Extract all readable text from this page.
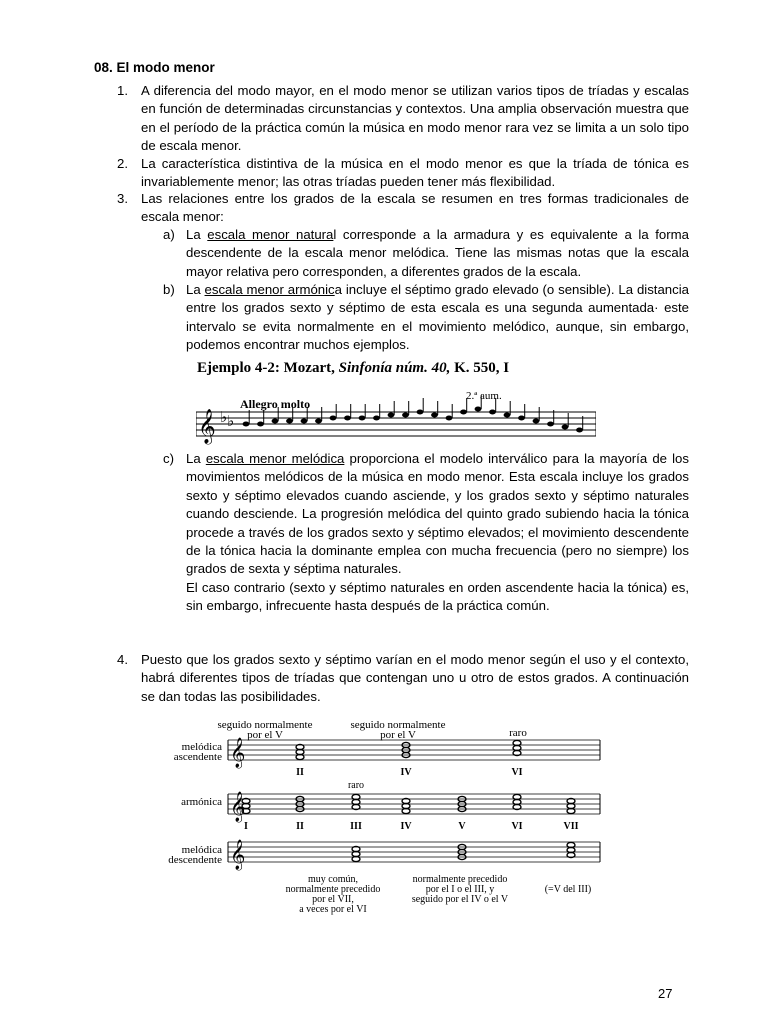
08. El modo menor
1. A diferencia del modo mayor, en el modo menor se utilizan varios tipos de tríadas y escalas en función de determinadas circunstancias y contextos. Una amplia observación muestra que en el período de la práctica común la música en modo menor rara vez se limita a un solo tipo de escala menor.
2. La característica distintiva de la música en el modo menor es que la tríada de tónica es invariablemente menor; las otras tríadas pueden tener más flexibilidad.
3. Las relaciones entre los grados de la escala se resumen en tres formas tradicionales de escala menor:
a) La escala menor natural corresponde a la armadura y es equivalente a la forma descendente de la escala menor melódica. Tiene las mismas notas que la escala mayor relativa pero corresponden, a diferentes grados de la escala.
b) La escala menor armónica incluye el séptimo grado elevado (o sensible). La distancia entre los grados sexto y séptimo de esta escala es una segunda aumentada· este intervalo se evita normalmente en el movimiento melódico, aunque, sin embargo, podemos encontrar muchos ejemplos.
Ejemplo 4-2: Mozart, Sinfonía núm. 40, K. 550, I
Allegro molto
2.ª aum.
𝄞 ♭ ♭
c) La escala menor melódica proporciona el modelo interválico para la mayoría de los movimientos melódicos de la música en modo menor. Esta escala incluye los grados sexto y séptimo elevados cuando asciende, y los grados sexto y séptimo naturales cuando desciende. La progresión melódica del quinto grado subiendo hacia la tónica procede a través de los grados sexto y séptimo elevados; el movimiento descendente de la tónica hacia la dominante emplea con mucha frecuencia (pero no siempre) los grados de sexta y séptima naturales.
El caso contrario (sexto y séptimo naturales en orden ascendente hacia la tónica) es, sin embargo, infrecuente hasta después de la práctica común.
4. Puesto que los grados sexto y séptimo varían en el modo menor según el uso y el contexto, habrá diferentes tipos de tríadas que contengan uno u otro de estos grados. A continuación se dan todas las posibilidades.
seguido normalmente
por el V
seguido normalmente
por el V	raro
melódica
ascendente
armónica
melódica
descendente
𝄞
𝄞
𝄞
II	IV	VI
I	II	III	IV	V	VI	VII
raro
muy común,
normalmente precedido
por el VII,
a veces por el VI
normalmente precedido
por el I o el III, y
seguido por el IV o el V
(=V del III)
27
